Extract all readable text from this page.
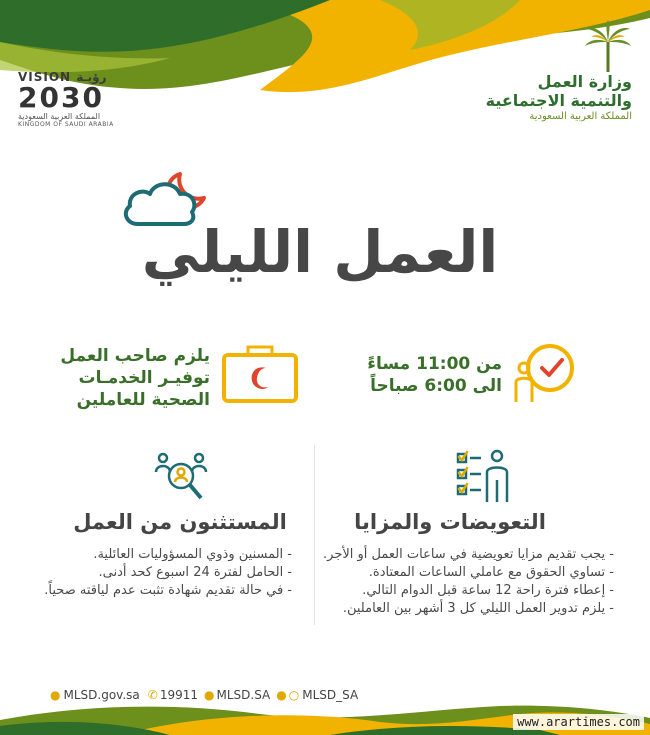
VISION رؤيـة
2030
المملكة العربية السعودية
KINGDOM OF SAUDI ARABIA
وزارة العمل
والتنمية الاجتماعية
المملكة العربية السعودية
العمل الليلي
من 11:00 مساءً
الى 6:00 صباحاً
يلزم صاحب العمل
توفيـر الخدمـات
الصحية للعاملين
التعويضات والمزايا
- يجب تقديم مزايا تعويضية في ساعات العمل أو الأجر.
- تساوي الحقوق مع عاملي الساعات المعتادة.
- إعطاء فترة راحة 12 ساعة قبل الدوام التالي.
- يلزم تدوير العمل الليلي كل 3 أشهر بين العاملين.
المستثنون من العمل
- المسنين وذوي المسؤوليات العائلية.
- الحامل لفترة 24 اسبوع كحد أدنى.
- في حالة تقديم شهادة تثبت عدم لياقته صحياً.
● MLSD.gov.sa ✆ 19911 ● MLSD.SA ● ○ MLSD_SA
www.arartimes.com
